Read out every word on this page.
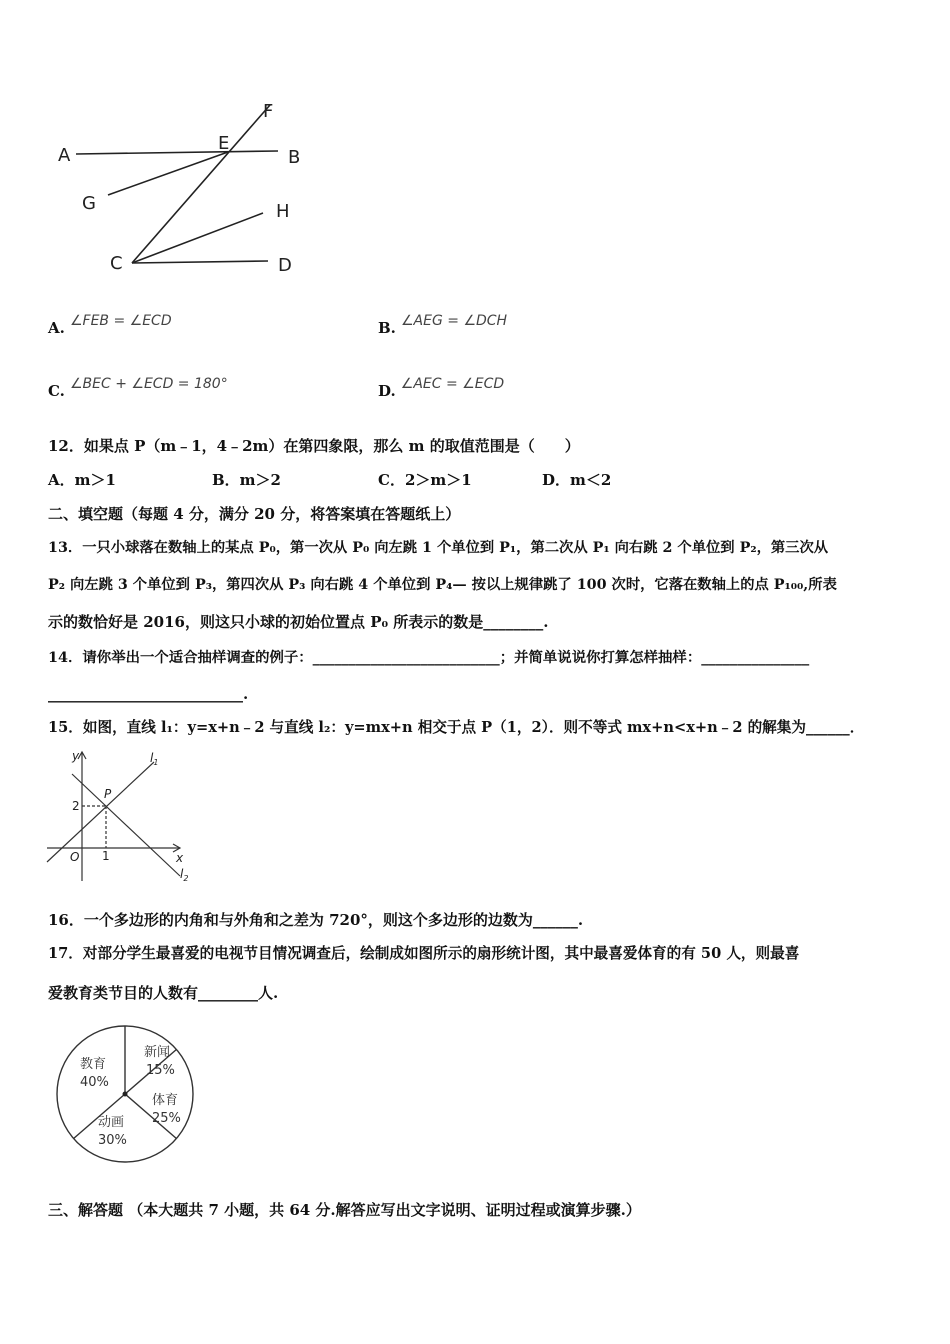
A
E
F
B
G	H
C	D
A. ∠FEB = ∠ECD	B. ∠AEG = ∠DCH
C. ∠BEC + ∠ECD = 180°	D. ∠AEC = ∠ECD
12．如果点 P（m﹣1，4﹣2m）在第四象限，那么 m 的取值范围是（　　）
A．m＞1	B．m＞2	C．2＞m＞1	D．m＜2
二、填空题（每题 4 分，满分 20 分，将答案填在答题纸上）
13．一只小球落在数轴上的某点 P₀，第一次从 P₀ 向左跳 1 个单位到 P₁，第二次从 P₁ 向右跳 2 个单位到 P₂，第三次从
P₂ 向左跳 3 个单位到 P₃，第四次从 P₃ 向右跳 4 个单位到 P₄— 按以上规律跳了 100 次时，它落在数轴上的点 P₁₀₀,所表
示的数恰好是 2016，则这只小球的初始位置点 P₀ 所表示的数是________.
14．请你举出一个适合抽样调查的例子：__________________________；并简单说说你打算怎样抽样：_______________
__________________________.
15．如图，直线 l₁：y=x+n﹣2 与直线 l₂：y=mx+n 相交于点 P（1，2）．则不等式 mx+n<x+n﹣2 的解集为______．
y
x
O
P
$l_1$
$l_2$
2
1
16．一个多边形的内角和与外角和之差为 720°，则这个多边形的边数为______.
17．对部分学生最喜爱的电视节目情况调查后，绘制成如图所示的扇形统计图，其中最喜爱体育的有 50 人，则最喜
爱教育类节目的人数有________人.
教育
40%
新闻
15%
体育
25%
动画
30%
三、解答题 （本大题共 7 小题，共 64 分.解答应写出文字说明、证明过程或演算步骤.）
